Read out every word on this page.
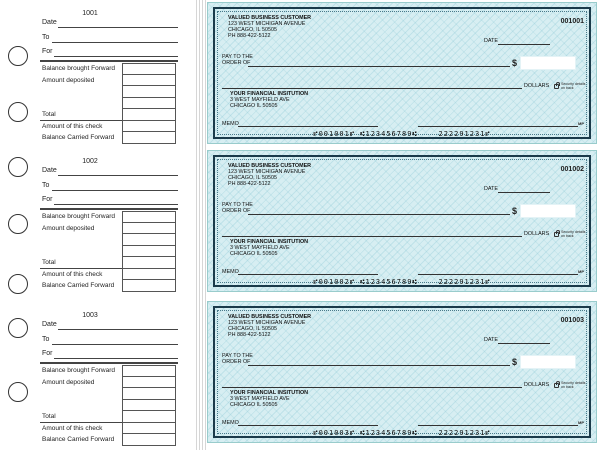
1001
Date
To
For
Balance brought Forward
Amount deposited
Total
Amount of this check
Balance Carried Forward
1002
Date
To
For
Balance brought Forward
Amount deposited
Total
Amount of this check
Balance Carried Forward
1003
Date
To
For
Balance brought Forward
Amount deposited
Total
Amount of this check
Balance Carried Forward
VALUED BUSINESS CUSTOMER
123 WEST MICHIGAN AVENUE
CHICAGO, IL 50505
PH 888-422-5122
001001
DATE
PAY TO THE
ORDER OF	$
DOLLARS	Security details on back
YOUR FINANCIAL INSITUTION
3 WEST MAYFIELD AVE
CHICAGO IL 50505
MEMO	MP
⑈001001⑈ ⑆123456789⑆	222291231⑈
VALUED BUSINESS CUSTOMER
123 WEST MICHIGAN AVENUE
CHICAGO, IL 50505
PH 888-422-5122
001002
DATE
PAY TO THE
ORDER OF	$
DOLLARS	Security details on back
YOUR FINANCIAL INSITUTION
3 WEST MAYFIELD AVE
CHICAGO IL 50505
MEMO	MP
⑈001002⑈ ⑆123456789⑆	222291231⑈
VALUED BUSINESS CUSTOMER
123 WEST MICHIGAN AVENUE
CHICAGO, IL 50505
PH 888-422-5122
001003
DATE
PAY TO THE
ORDER OF	$
DOLLARS	Security details on back
YOUR FINANCIAL INSITUTION
3 WEST MAYFIELD AVE
CHICAGO IL 50505
MEMO	MP
⑈001003⑈ ⑆123456789⑆	222291231⑈
